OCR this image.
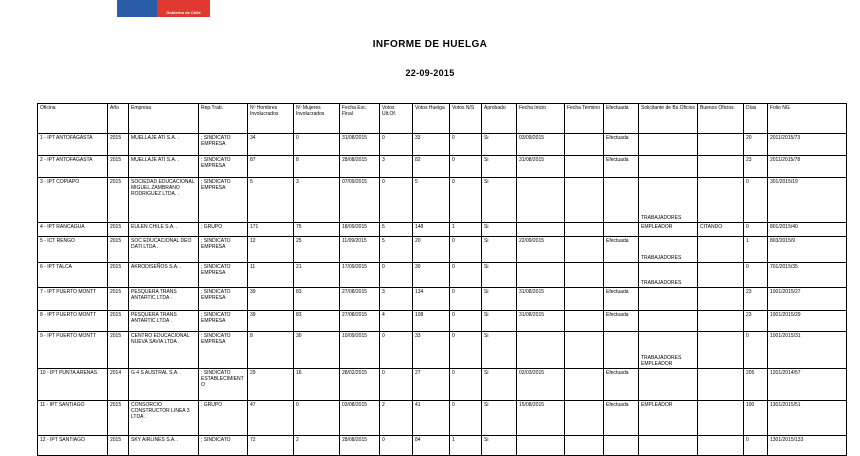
Gobierno de Chile
INFORME DE HUELGA
22-09-2015
Oficina	Año	Empresa	Rep.Trab.	Nº Hombres Involucrados	Nº Mujeres Involucrados	Fecha Esc. Final	Votos Ult.Of.	Votos Huelga	Votos N/S	Aprobado	Fecha Inicio	Fecha Termino	Efectuada	Solicitante de Bs.Oficios	Buenos Oficios	Días	Folio NG
1 - IPT ANTOFAGASTA	2015	MUELLAJE ATI S.A. .	; SINDICATO EMPRESA	34	0	31/08/2015	0	33	0	Si	03/09/2015		Efectuada			20	2011/2015/73
2 - IPT ANTOFAGASTA	2015	MUELLAJE ATI S.A. .	; SINDICATO EMPRESA	87	8	28/08/2015	3	82	0	Si	31/08/2015		Efectuada			23	2011/2015/78
3 - IPT COPIAPO	2015	SOCIEDAD EDUCACIONAL MIGUEL ZAMBRANO RODRIGUEZ LTDA. .	; SINDICATO EMPRESA	5	3	07/09/2015	0	5	0	Si				TRABAJADORES		0	301/2015/19
4 - IPT RANCAGUA	2015	EULEN CHILE S.A. .	; GRUPO	171	75	18/09/2015	5	148	1	Si				EMPLEADOR	CITANDO	0	801/2015/40
5 - ICT RENGO	2015	SOC EDUCACIONAL DEO DATI LTDA .	; SINDICATO EMPRESA	12	25	11/09/2015	5	20	0	Si	22/09/2015		Efectuada	TRABAJADORES		1	803/2015/9
6 - IPT TALCA	2015	AKRODISEÑOS S.A. .	; SINDICATO EMPRESA	11	21	17/09/2015	0	30	0	Si				TRABAJADORES		0	701/2015/35
7 - IPT PUERTO MONTT	2015	PESQUERA TRANS ANTARTIC LTDA .	; SINDICATO EMPRESA	39	83	27/08/2015	3	134	0	Si	31/08/2015		Efectuada			23	1001/2015/27
8 - IPT PUERTO MONTT	2015	PESQUERA TRANS ANTARTIC LTDA .	; SINDICATO EMPRESA	39	83	27/08/2015	4	108	0	Si	31/08/2015		Efectuada			23	1001/2015/29
9 - IPT PUERTO MONTT	2015	CENTRO EDUCACIONAL NUEVA SAVIA LTDA .	; SINDICATO EMPRESA	8	30	10/09/2015	0	33	0	Si				TRABAJADORES EMPLEADOR		0	1001/2015/31
10 - IPT PUNTA ARENAS	2014	G 4 S AUSTRAL S.A. .	; SINDICATO ESTABLECIMIENTO	29	16	28/02/2015	0	27	0	Si	02/03/2015		Efectuada			205	1201/2014/57
11 - IPT SANTIAGO	2015	CONSORCIO CONSTRUCTOR LINEA 3 LTDA .	; GRUPO	47	0	03/08/2015	2	41	0	Si	15/08/2015		Efectuada	EMPLEADOR		100	1301/2015/51
12 - IPT SANTIAGO	2015	SKY AIRLINES S.A. .	; SINDICATO	72	2	28/08/2015	0	84	1	Si						0	1301/2015/133
